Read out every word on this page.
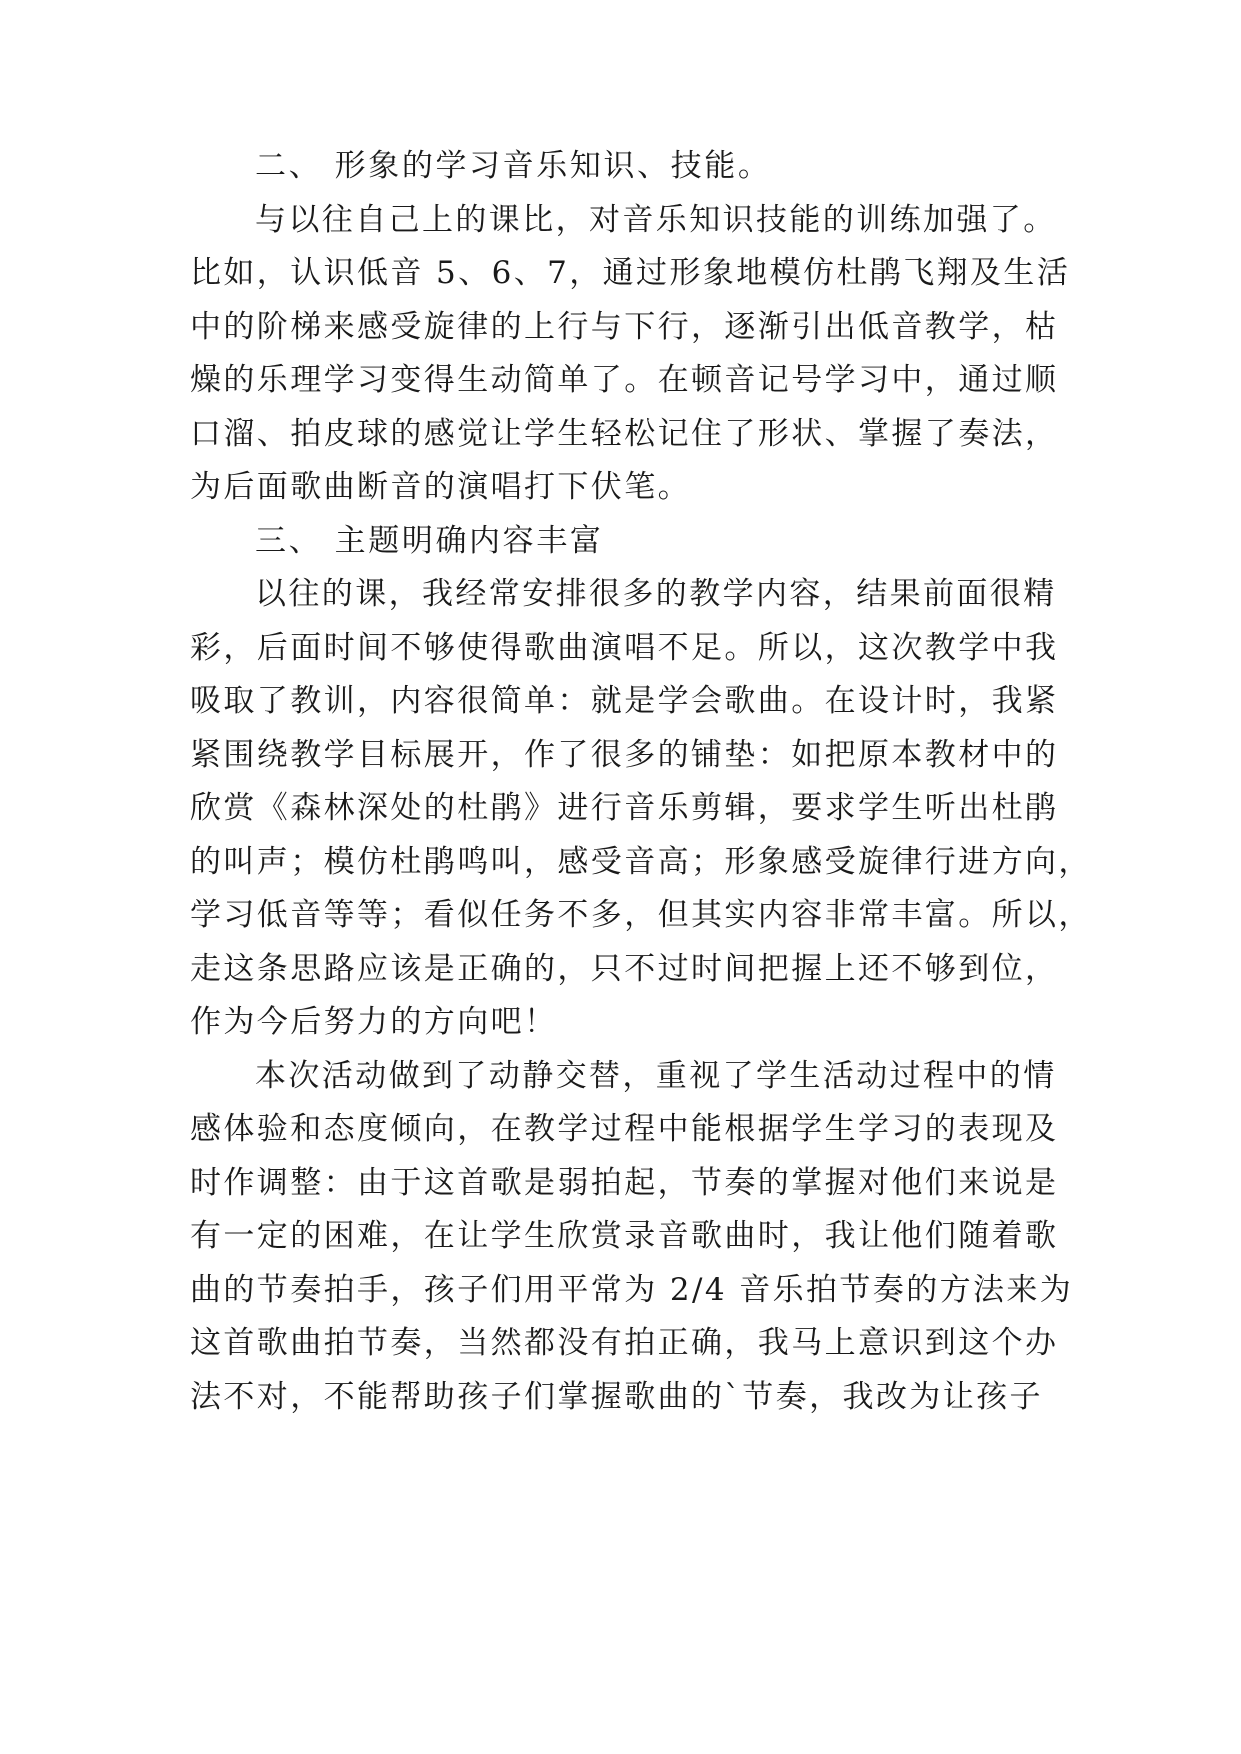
二、 形象的学习音乐知识、技能。
与以往自己上的课比，对音乐知识技能的训练加强了。
比如，认识低音 5、6、7，通过形象地模仿杜鹃飞翔及生活
中的阶梯来感受旋律的上行与下行，逐渐引出低音教学，枯
燥的乐理学习变得生动简单了。在顿音记号学习中，通过顺
口溜、拍皮球的感觉让学生轻松记住了形状、掌握了奏法，
为后面歌曲断音的演唱打下伏笔。
三、 主题明确内容丰富
以往的课，我经常安排很多的教学内容，结果前面很精
彩，后面时间不够使得歌曲演唱不足。所以，这次教学中我
吸取了教训，内容很简单：就是学会歌曲。在设计时，我紧
紧围绕教学目标展开，作了很多的铺垫：如把原本教材中的
欣赏《森林深处的杜鹃》进行音乐剪辑，要求学生听出杜鹃
的叫声；模仿杜鹃鸣叫，感受音高；形象感受旋律行进方向，
学习低音等等；看似任务不多，但其实内容非常丰富。所以，
走这条思路应该是正确的，只不过时间把握上还不够到位，
作为今后努力的方向吧！
本次活动做到了动静交替，重视了学生活动过程中的情
感体验和态度倾向，在教学过程中能根据学生学习的表现及
时作调整：由于这首歌是弱拍起，节奏的掌握对他们来说是
有一定的困难，在让学生欣赏录音歌曲时，我让他们随着歌
曲的节奏拍手，孩子们用平常为 2/4 音乐拍节奏的方法来为
这首歌曲拍节奏，当然都没有拍正确，我马上意识到这个办
法不对，不能帮助孩子们掌握歌曲的`节奏，我改为让孩子
